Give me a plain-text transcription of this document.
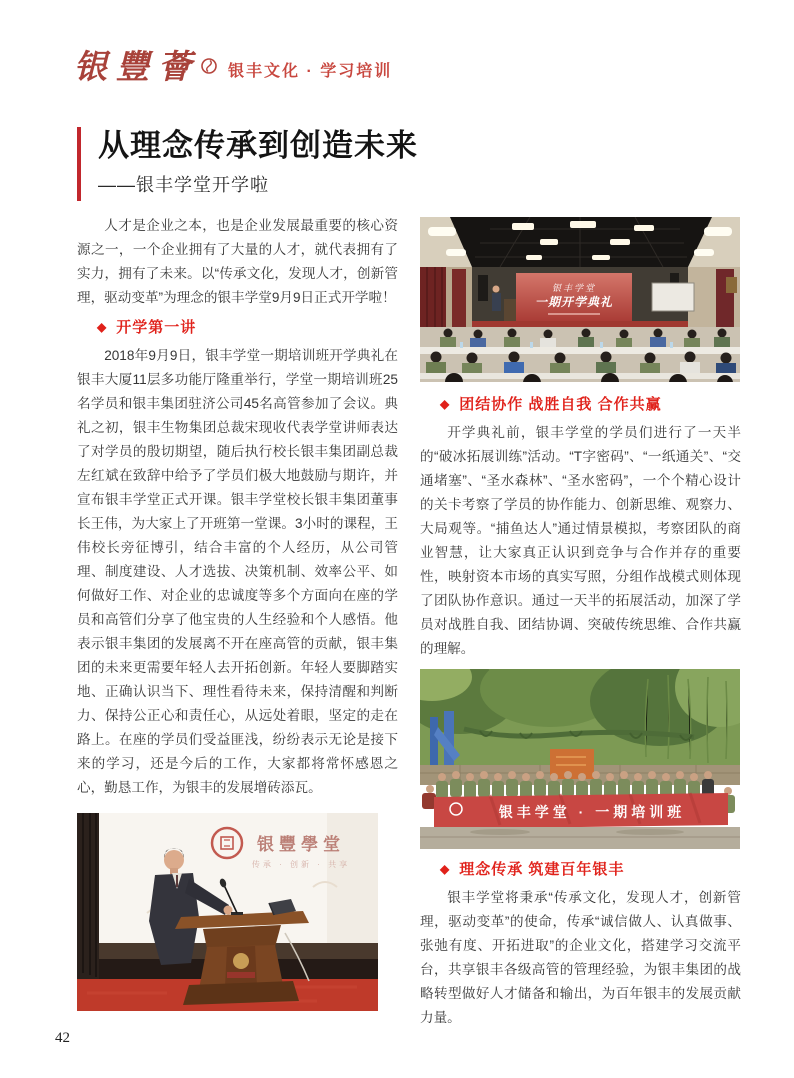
银豐薈 银丰文化 · 学习培训
从理念传承到创造未来
——银丰学堂开学啦

人才是企业之本，也是企业发展最重要的核心资源之一，一个企业拥有了大量的人才，就代表拥有了实力，拥有了未来。以“传承文化，发现人才，创新管理，驱动变革”为理念的银丰学堂9月9日正式开学啦！

◆ 开学第一讲

2018年9月9日，银丰学堂一期培训班开学典礼在银丰大厦11层多功能厅隆重举行，学堂一期培训班25名学员和银丰集团驻济公司45名高管参加了会议。典礼之初，银丰生物集团总裁宋现收代表学堂讲师表达了对学员的殷切期望，随后执行校长银丰集团副总裁左红斌在致辞中给予了学员们极大地鼓励与期许，并宣布银丰学堂正式开课。银丰学堂校长银丰集团董事长王伟，为大家上了开班第一堂课。3小时的课程，王伟校长旁征博引，结合丰富的个人经历，从公司管理、制度建设、人才选拔、决策机制、效率公平、如何做好工作、对企业的忠诚度等多个方面向在座的学员和高管们分享了他宝贵的人生经验和个人感悟。他表示银丰集团的发展离不开在座高管的贡献，银丰集团的未来更需要年轻人去开拓创新。年轻人要脚踏实地、正确认识当下、理性看待未来，保持清醒和判断力、保持公正心和责任心，从远处着眼，坚定的走在路上。在座的学员们受益匪浅，纷纷表示无论是接下来的学习，还是今后的工作，大家都将常怀感恩之心，勤恳工作，为银丰的发展增砖添瓦。

银豐學堂
传承 · 创新 · 共享
银丰学堂
一期开学典礼
◆ 团结协作 战胜自我 合作共赢

开学典礼前，银丰学堂的学员们进行了一天半的“破冰拓展训练”活动。“T字密码”、“一纸通关”、“交通堵塞”、“圣水森林”、“圣水密码”，一个个精心设计的关卡考察了学员的协作能力、创新思维、观察力、大局观等。“捕鱼达人”通过情景模拟，考察团队的商业智慧，让大家真正认识到竞争与合作并存的重要性，映射资本市场的真实写照，分组作战模式则体现了团队协作意识。通过一天半的拓展活动，加深了学员对战胜自我、团结协调、突破传统思维、合作共赢的理解。

银丰学堂 · 一期培训班
◆ 理念传承 筑建百年银丰

银丰学堂将秉承“传承文化，发现人才，创新管理，驱动变革”的使命，传承“诚信做人、认真做事、张弛有度、开拓进取”的企业文化，搭建学习交流平台，共享银丰各级高管的管理经验，为银丰集团的战略转型做好人才储备和输出，为百年银丰的发展贡献力量。

42
